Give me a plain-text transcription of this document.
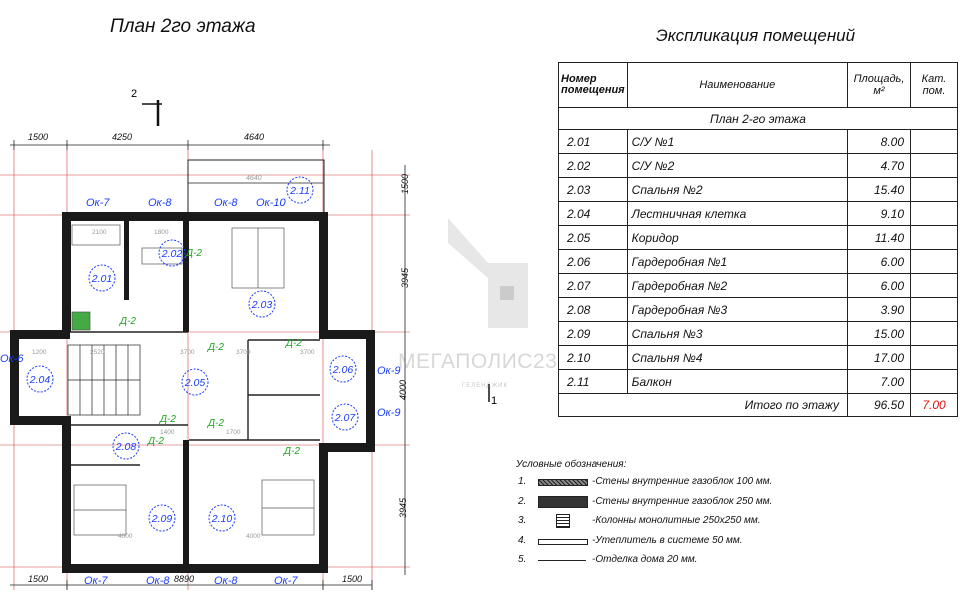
План 2го этажа	Экспликация помещений
2
1500	4250	4640
1500	8890	1500
4640	1500
3945
4000
3945
2100	1800
1200	2520	3700	3700	3700
1400	1700
4000	4000
Ок-7	Ок-8	Ок-8 Ок-10
Ок-9
Ок-9
Ок-7	Ок-8	Ок-8	Ок-7
Ок-6
Д-2
Д-2
Д-2	Д-2
Д-2	Д-2
Д-2
Д-2
2.01
2.02
2.03
2.04	2.05
2.06
2.07
2.08
2.09	2.10
2.11
1
МЕГАПОЛИС23
ГЕЛЕНДЖИК
Номер помещения	Наименование	Площадь, м²	Кат. пом.
План 2-го этажа			
2.01	С/У №1	8.00	
2.02	С/У №2	4.70	
2.03	Спальня №2	15.40	
2.04	Лестничная клетка	9.10	
2.05	Коридор	11.40	
2.06	Гардеробная №1	6.00	
2.07	Гардеробная №2	6.00	
2.08	Гардеробная №3	3.90	
2.09	Спальня №3	15.00	
2.10	Спальня №4	17.00	
2.11	Балкон	7.00	
Итого по этажу		96.50	7.00
Условные обозначения:
1.	-Стены внутренние газоблок 100 мм.
2.	-Стены внутренние газоблок 250 мм.
3.	-Колонны монолитные 250х250 мм.
4.	-Утеплитель в системе 50 мм.
5.	-Отделка дома 20 мм.
